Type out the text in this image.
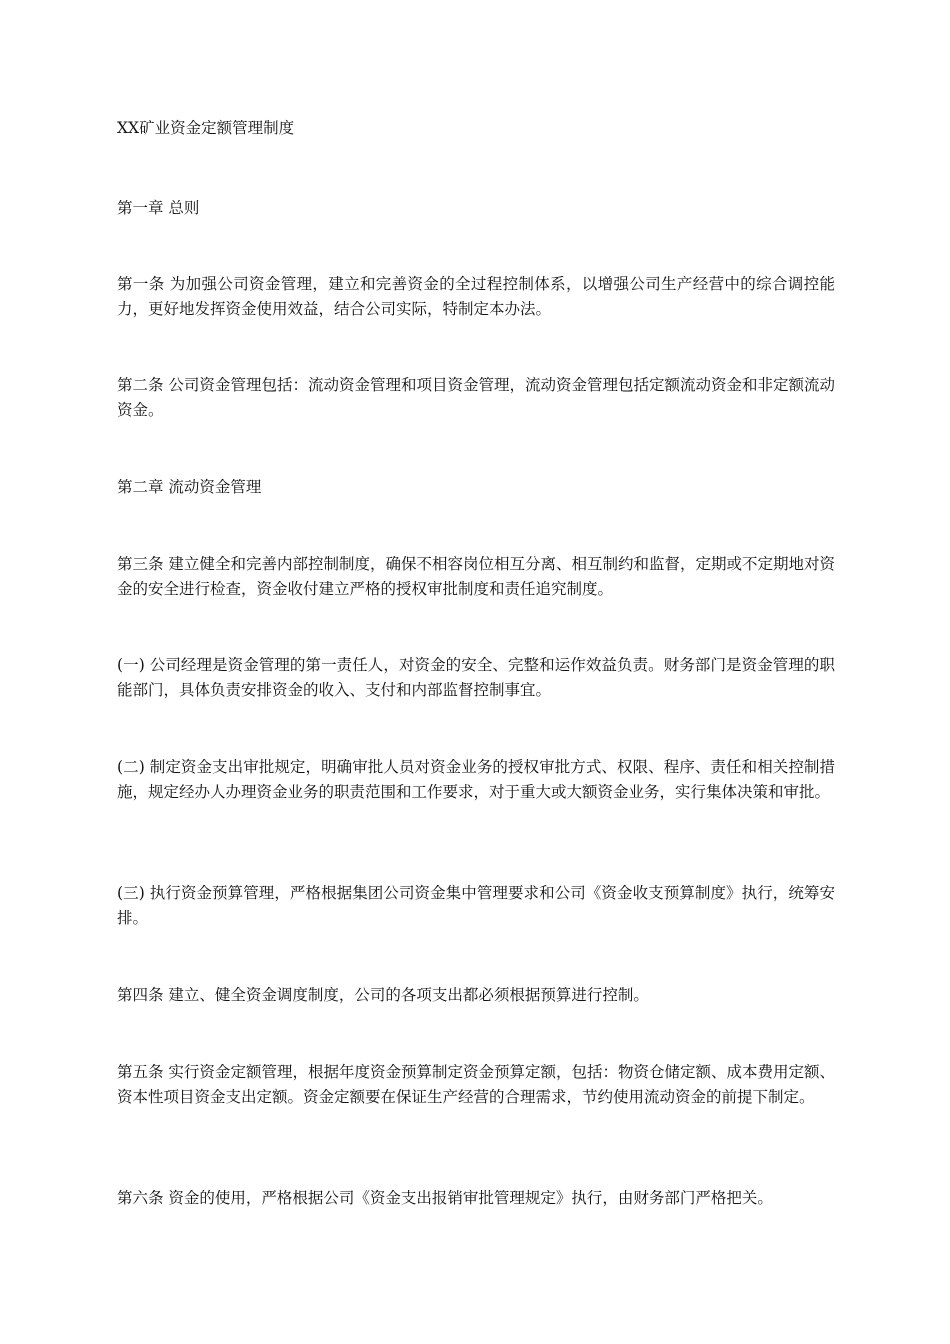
XX矿业资金定额管理制度
第一章 总则
第一条 为加强公司资金管理，建立和完善资金的全过程控制体系，以增强公司生产经营中的综合调控能力，更好地发挥资金使用效益，结合公司实际，特制定本办法。
第二条 公司资金管理包括：流动资金管理和项目资金管理，流动资金管理包括定额流动资金和非定额流动资金。
第二章 流动资金管理
第三条 建立健全和完善内部控制制度，确保不相容岗位相互分离、相互制约和监督，定期或不定期地对资金的安全进行检查，资金收付建立严格的授权审批制度和责任追究制度。
(一) 公司经理是资金管理的第一责任人，对资金的安全、完整和运作效益负责。财务部门是资金管理的职能部门，具体负责安排资金的收入、支付和内部监督控制事宜。
(二) 制定资金支出审批规定，明确审批人员对资金业务的授权审批方式、权限、程序、责任和相关控制措施，规定经办人办理资金业务的职责范围和工作要求，对于重大或大额资金业务，实行集体决策和审批。
(三) 执行资金预算管理，严格根据集团公司资金集中管理要求和公司《资金收支预算制度》执行，统筹安排。
第四条 建立、健全资金调度制度，公司的各项支出都必须根据预算进行控制。
第五条 实行资金定额管理，根据年度资金预算制定资金预算定额，包括：物资仓储定额、成本费用定额、资本性项目资金支出定额。资金定额要在保证生产经营的合理需求，节约使用流动资金的前提下制定。
第六条 资金的使用，严格根据公司《资金支出报销审批管理规定》执行，由财务部门严格把关。
